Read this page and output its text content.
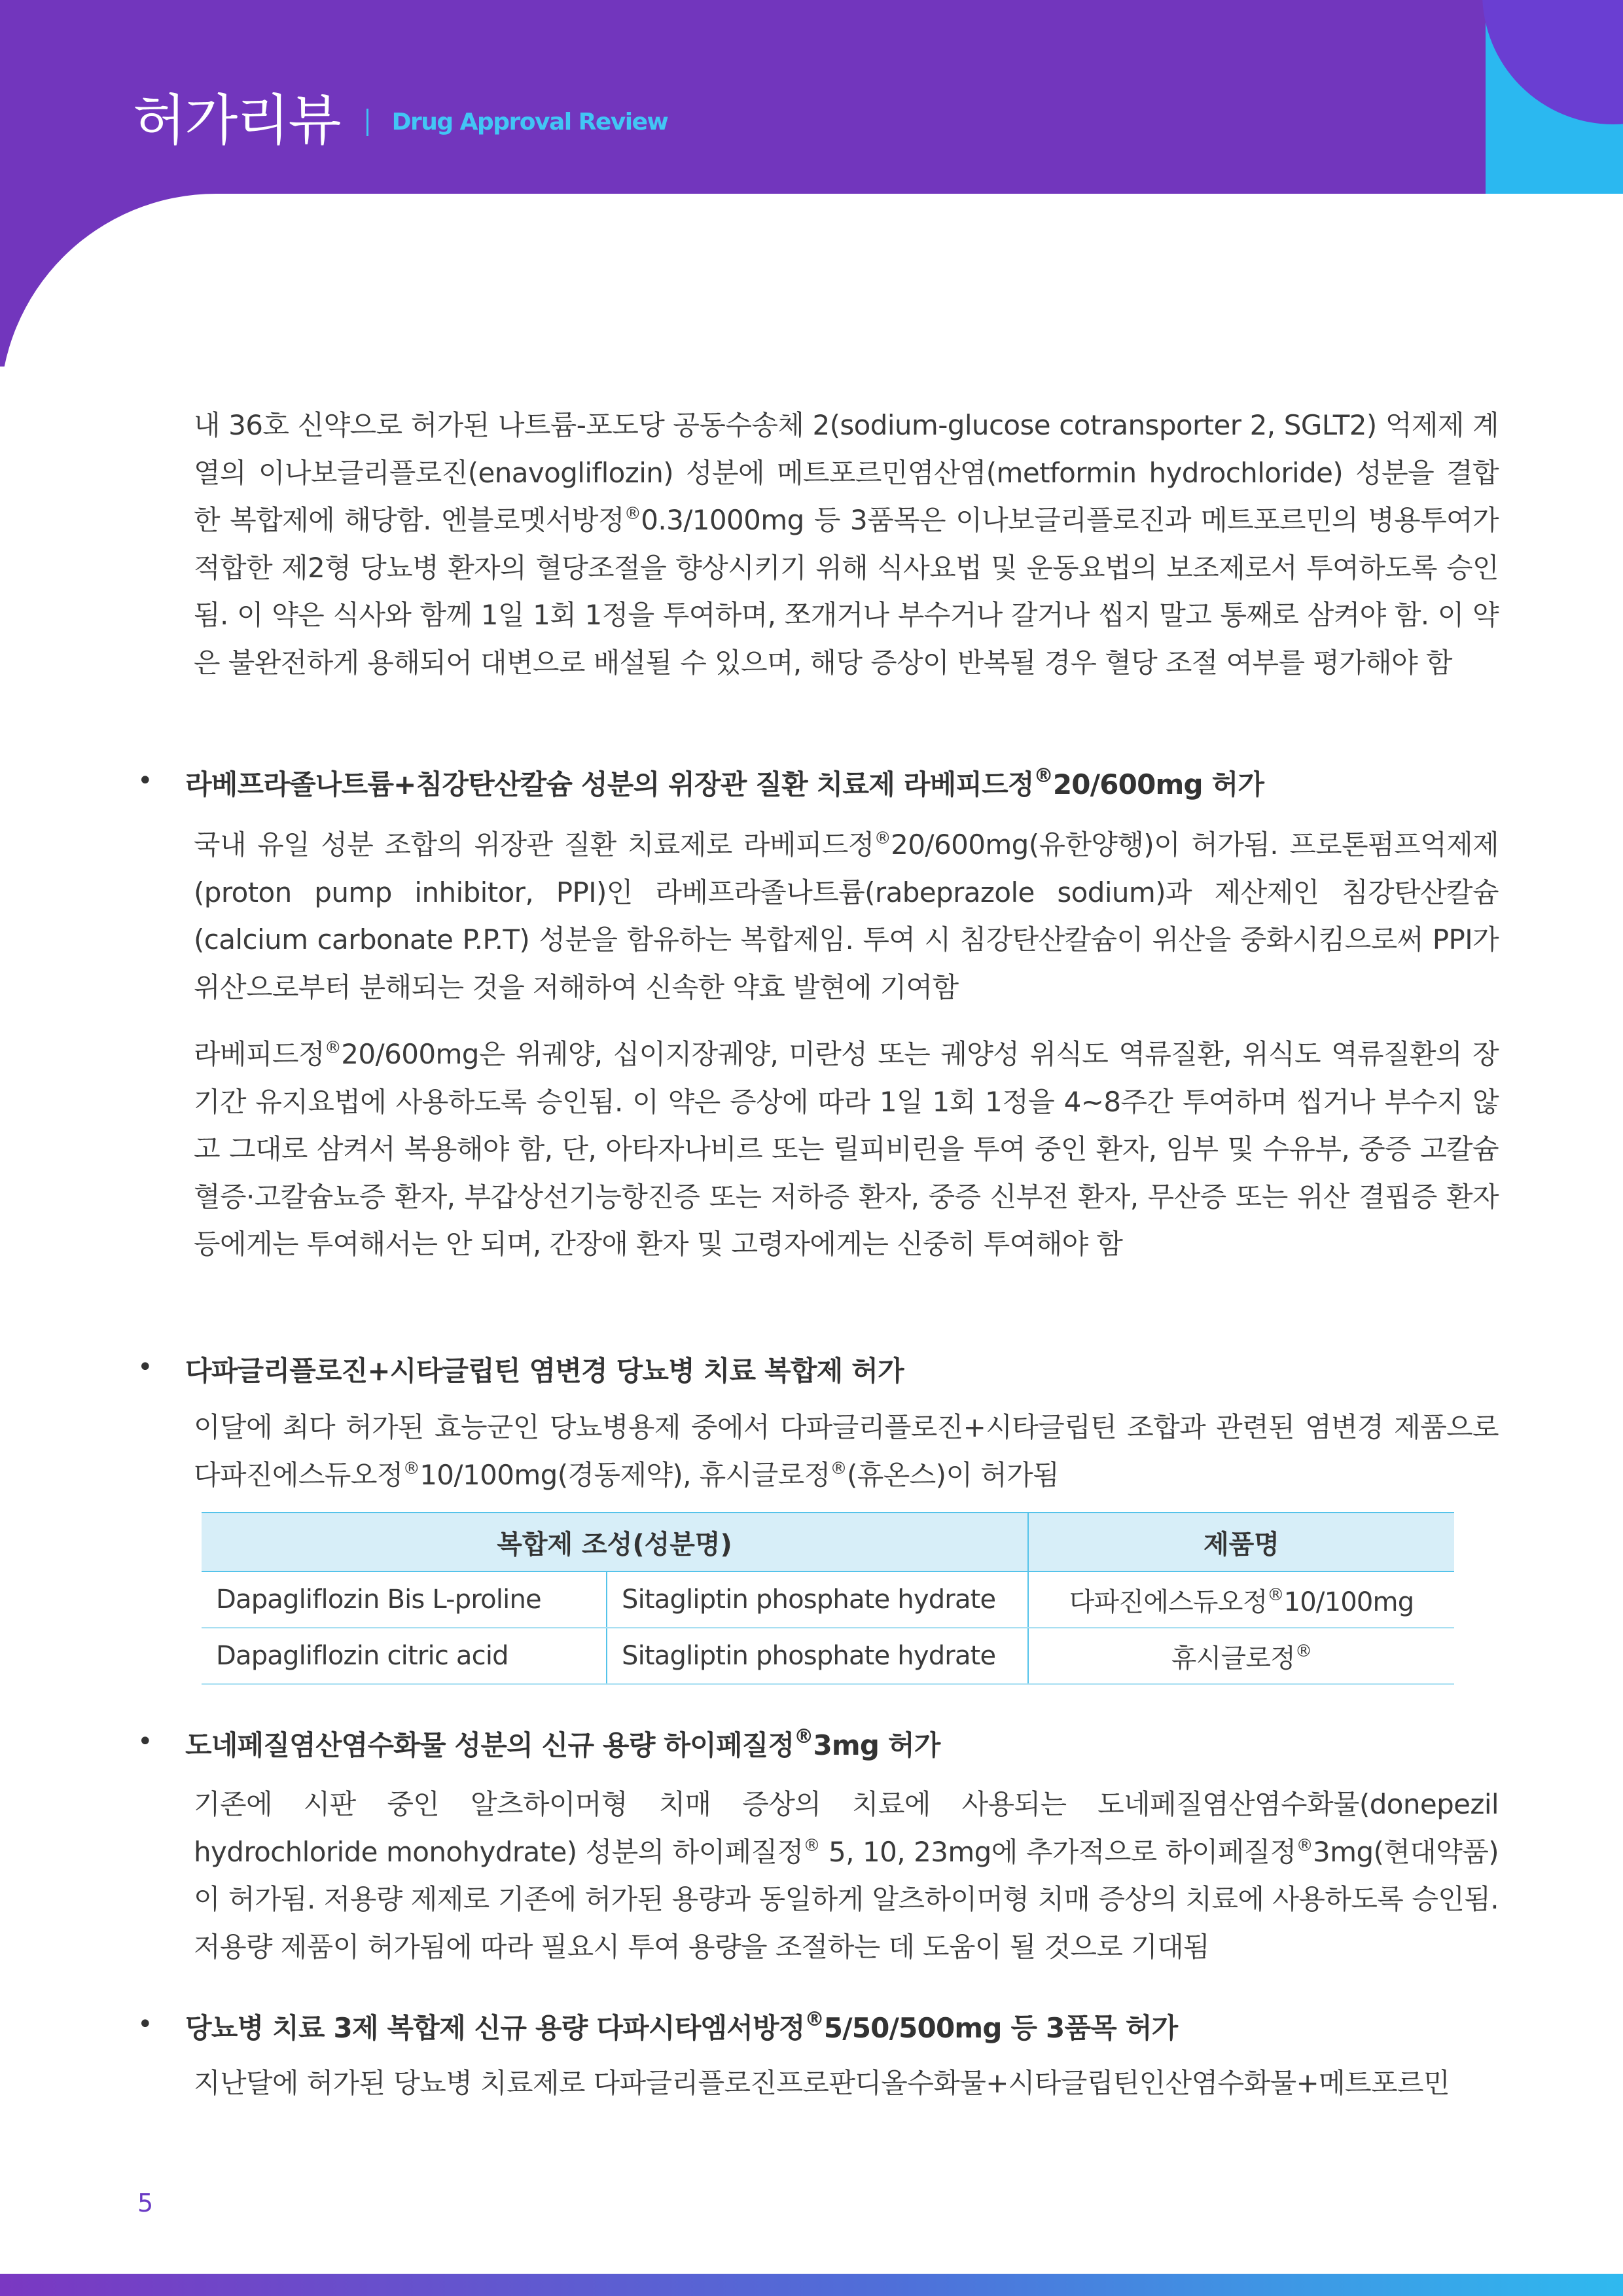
허가리뷰 Drug Approval Review

내 36호 신약으로 허가된 나트륨-포도당 공동수송체 2(sodium-glucose cotransporter 2, SGLT2) 억제제 계열의 이나보글리플로진(enavogliflozin) 성분에 메트포르민염산염(metformin hydrochloride) 성분을 결합한 복합제에 해당함. 엔블로멧서방정®0.3/1000mg 등 3품목은 이나보글리플로진과 메트포르민의 병용투여가 적합한 제2형 당뇨병 환자의 혈당조절을 향상시키기 위해 식사요법 및 운동요법의 보조제로서 투여하도록 승인됨. 이 약은 식사와 함께 1일 1회 1정을 투여하며, 쪼개거나 부수거나 갈거나 씹지 말고 통째로 삼켜야 함. 이 약은 불완전하게 용해되어 대변으로 배설될 수 있으며, 해당 증상이 반복될 경우 혈당 조절 여부를 평가해야 함

• 라베프라졸나트륨+침강탄산칼슘 성분의 위장관 질환 치료제 라베피드정®20/600mg 허가

국내 유일 성분 조합의 위장관 질환 치료제로 라베피드정®20/600mg(유한양행)이 허가됨. 프로톤펌프억제제(proton pump inhibitor, PPI)인 라베프라졸나트륨(rabeprazole sodium)과 제산제인 침강탄산칼슘(calcium carbonate P.P.T) 성분을 함유하는 복합제임. 투여 시 침강탄산칼슘이 위산을 중화시킴으로써 PPI가 위산으로부터 분해되는 것을 저해하여 신속한 약효 발현에 기여함

라베피드정®20/600mg은 위궤양, 십이지장궤양, 미란성 또는 궤양성 위식도 역류질환, 위식도 역류질환의 장기간 유지요법에 사용하도록 승인됨. 이 약은 증상에 따라 1일 1회 1정을 4~8주간 투여하며 씹거나 부수지 않고 그대로 삼켜서 복용해야 함, 단, 아타자나비르 또는 릴피비린을 투여 중인 환자, 임부 및 수유부, 중증 고칼슘혈증·고칼슘뇨증 환자, 부갑상선기능항진증 또는 저하증 환자, 중증 신부전 환자, 무산증 또는 위산 결핍증 환자 등에게는 투여해서는 안 되며, 간장애 환자 및 고령자에게는 신중히 투여해야 함

• 다파글리플로진+시타글립틴 염변경 당뇨병 치료 복합제 허가

이달에 최다 허가된 효능군인 당뇨병용제 중에서 다파글리플로진+시타글립틴 조합과 관련된 염변경 제품으로 다파진에스듀오정®10/100mg(경동제약), 휴시글로정®(휴온스)이 허가됨

복합제 조성(성분명)		제품명
Dapagliflozin Bis L-proline	Sitagliptin phosphate hydrate	다파진에스듀오정®10/100mg
Dapagliflozin citric acid	Sitagliptin phosphate hydrate	휴시글로정®
• 도네페질염산염수화물 성분의 신규 용량 하이페질정®3mg 허가

기존에 시판 중인 알츠하이머형 치매 증상의 치료에 사용되는 도네페질염산염수화물(donepezil hydrochloride monohydrate) 성분의 하이페질정® 5, 10, 23mg에 추가적으로 하이페질정®3mg(현대약품)이 허가됨. 저용량 제제로 기존에 허가된 용량과 동일하게 알츠하이머형 치매 증상의 치료에 사용하도록 승인됨. 저용량 제품이 허가됨에 따라 필요시 투여 용량을 조절하는 데 도움이 될 것으로 기대됨

• 당뇨병 치료 3제 복합제 신규 용량 다파시타엠서방정®5/50/500mg 등 3품목 허가

지난달에 허가된 당뇨병 치료제로 다파글리플로진프로판디올수화물+시타글립틴인산염수화물+메트포르민

5
